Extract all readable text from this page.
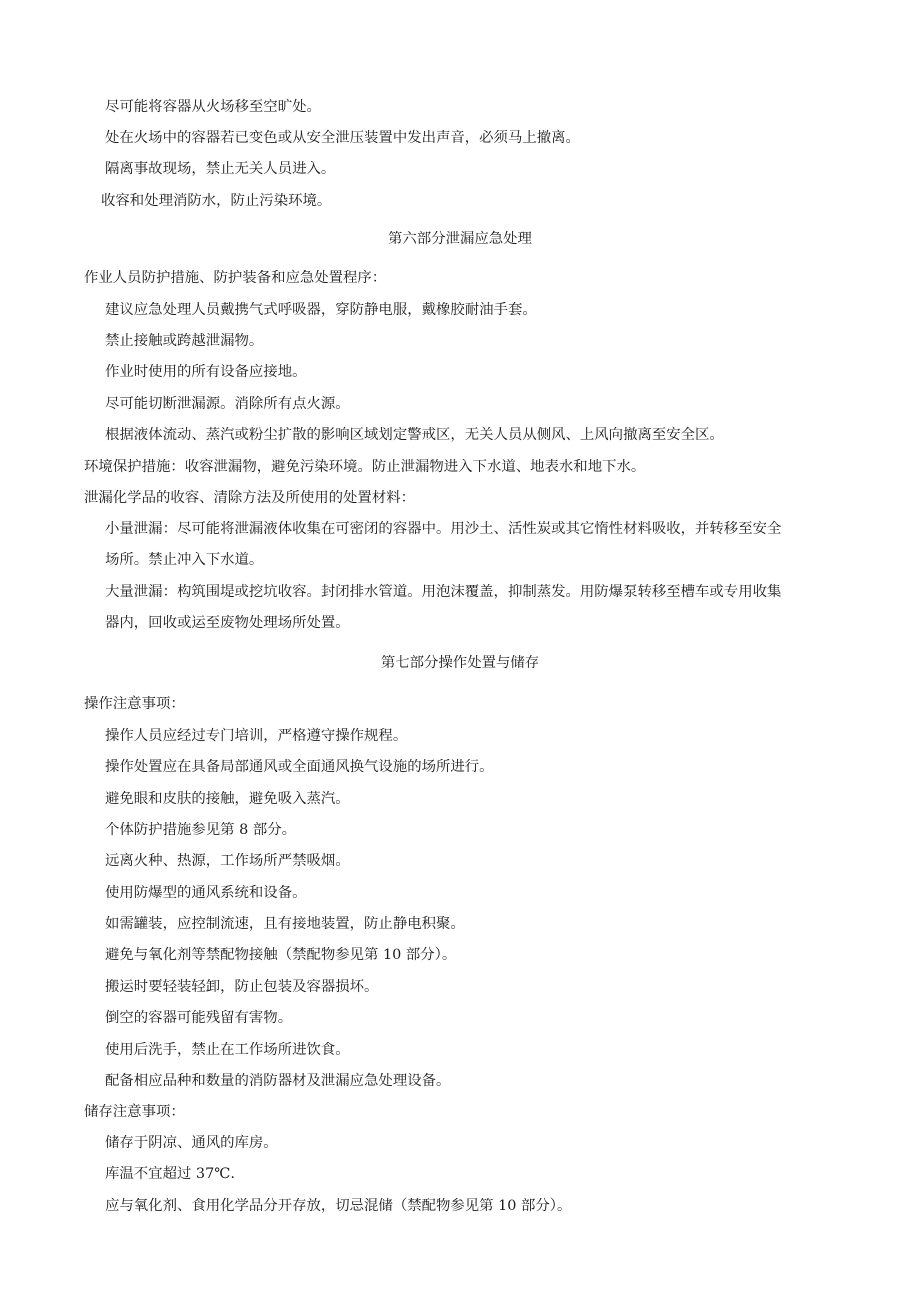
尽可能将容器从火场移至空旷处。
处在火场中的容器若已变色或从安全泄压装置中发出声音，必须马上撤离。
隔离事故现场，禁止无关人员进入。
收容和处理消防水，防止污染环境。
第六部分泄漏应急处理
作业人员防护措施、防护装备和应急处置程序：
建议应急处理人员戴携气式呼吸器，穿防静电服，戴橡胶耐油手套。
禁止接触或跨越泄漏物。
作业时使用的所有设备应接地。
尽可能切断泄漏源。消除所有点火源。
根据液体流动、蒸汽或粉尘扩散的影响区域划定警戒区，无关人员从侧风、上风向撤离至安全区。
环境保护措施：收容泄漏物，避免污染环境。防止泄漏物进入下水道、地表水和地下水。
泄漏化学品的收容、清除方法及所使用的处置材料：
小量泄漏：尽可能将泄漏液体收集在可密闭的容器中。用沙土、活性炭或其它惰性材料吸收，并转移至安全
场所。禁止冲入下水道。
大量泄漏：构筑围堤或挖坑收容。封闭排水管道。用泡沫覆盖，抑制蒸发。用防爆泵转移至槽车或专用收集
器内，回收或运至废物处理场所处置。
第七部分操作处置与储存
操作注意事项：
操作人员应经过专门培训，严格遵守操作规程。
操作处置应在具备局部通风或全面通风换气设施的场所进行。
避免眼和皮肤的接触，避免吸入蒸汽。
个体防护措施参见第 8 部分。
远离火种、热源，工作场所严禁吸烟。
使用防爆型的通风系统和设备。
如需罐装，应控制流速，且有接地装置，防止静电积聚。
避免与氧化剂等禁配物接触（禁配物参见第 10 部分）。
搬运时要轻装轻卸，防止包装及容器损坏。
倒空的容器可能残留有害物。
使用后洗手，禁止在工作场所进饮食。
配备相应品种和数量的消防器材及泄漏应急处理设备。
储存注意事项：
储存于阴凉、通风的库房。
库温不宜超过 37℃.
应与氧化剂、食用化学品分开存放，切忌混储（禁配物参见第 10 部分）。
